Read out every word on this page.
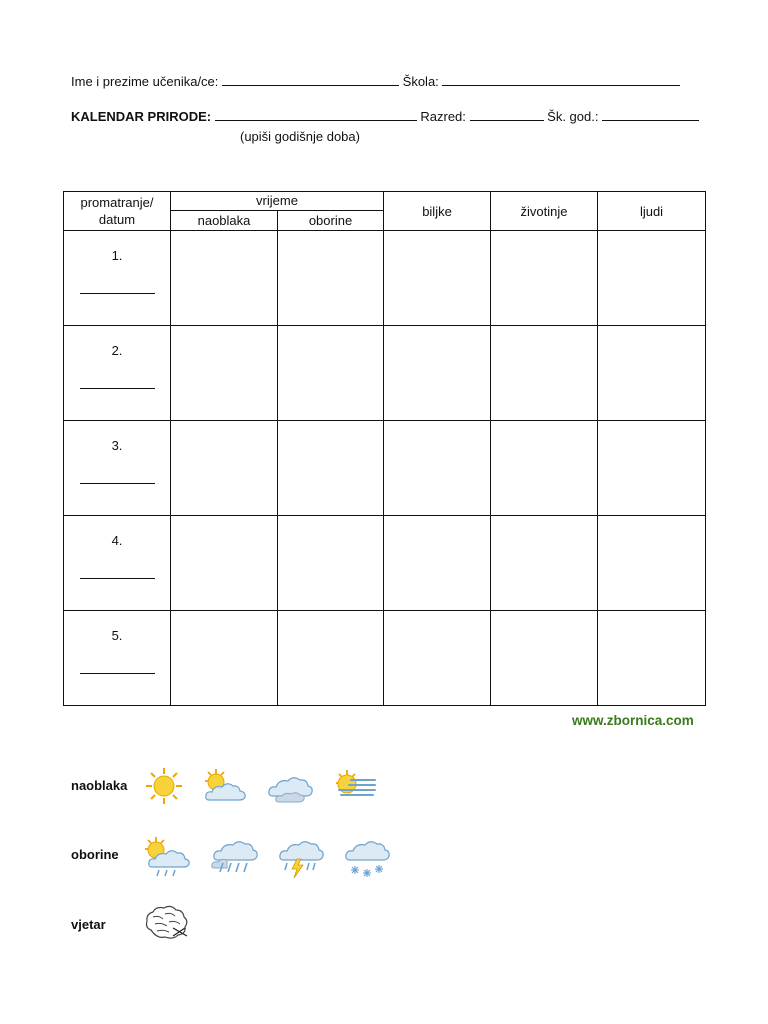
Ime i prezime učenika/ce:	Škola:
KALENDAR PRIRODE:	Razred:	Šk. god.:
(upiši godišnje doba)
promatranje/ datum	vrijeme		biljke	životinje	ljudi
	naoblaka	oborine			

1.					

2.					

3.					

4.					

5.					

www.zbornica.com
naoblaka
oborine
vjetar
